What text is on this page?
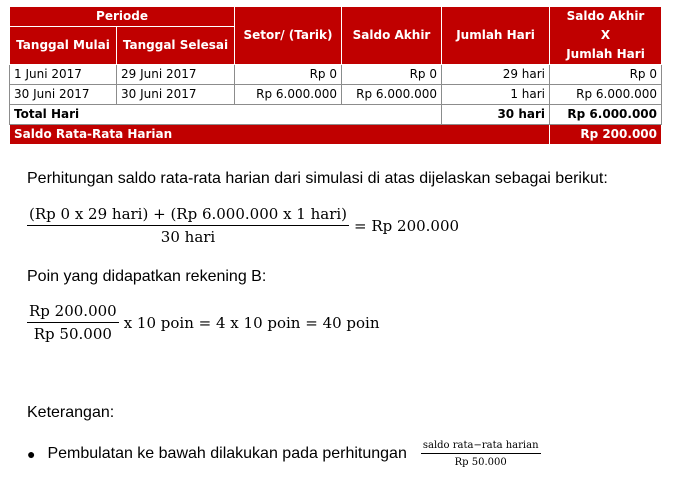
Periode		Setor/ (Tarik)	Saldo Akhir	Jumlah Hari	Saldo Akhir
X
Jumlah Hari

Tanggal Mulai	Tanggal Selesai				
1 Juni 2017	29 Juni 2017	Rp 0	Rp 0	29 hari	Rp 0
30 Juni 2017	30 Juni 2017	Rp 6.000.000	Rp 6.000.000	1 hari	Rp 6.000.000
Total Hari				30 hari	Rp 6.000.000
Saldo Rata-Rata Harian					Rp 200.000
Perhitungan saldo rata-rata harian dari simulasi di atas dijelaskan sebagai berikut:
$\frac{\text{(Rp 0 x 29 hari) + (Rp 6.000.000 x 1 hari)}}{\text{30 hari}} = Rp$ 200.000
Poin yang didapatkan rekening B:
$\frac{Rp 200.000}{Rp 50.000}$ x 10 poin = 4 x 10 poin = 40 poin
Keterangan:
● Pembulatan ke bawah dilakukan pada perhitungan $\frac{\text{saldo rata−rata harian}}{Rp 50.000}$
